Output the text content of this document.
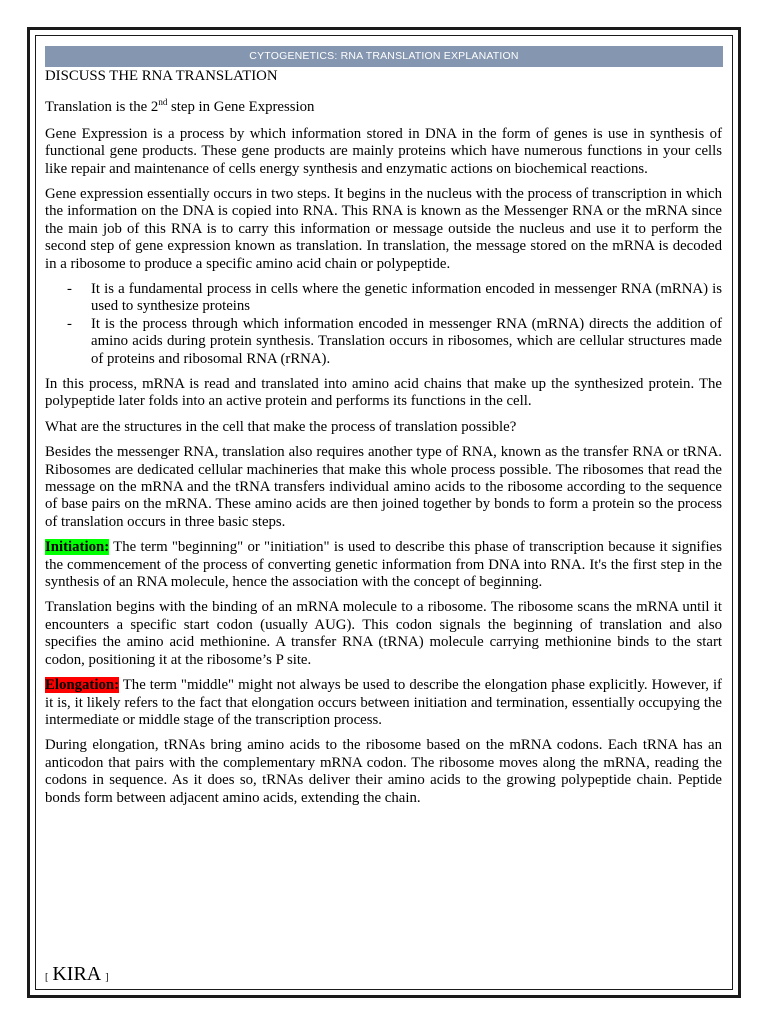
CYTOGENETICS: RNA TRANSLATION EXPLANATION

DISCUSS THE RNA TRANSLATION

Translation is the 2nd step in Gene Expression

Gene Expression is a process by which information stored in DNA in the form of genes is use in synthesis of functional gene products. These gene products are mainly proteins which have numerous functions in your cells like repair and maintenance of cells energy synthesis and enzymatic actions on biochemical reactions.

Gene expression essentially occurs in two steps. It begins in the nucleus with the process of transcription in which the information on the DNA is copied into RNA. This RNA is known as the Messenger RNA or the mRNA since the main job of this RNA is to carry this information or message outside the nucleus and use it to perform the second step of gene expression known as translation. In translation, the message stored on the mRNA is decoded in a ribosome to produce a specific amino acid chain or polypeptide.

- It is a fundamental process in cells where the genetic information encoded in messenger RNA (mRNA) is used to synthesize proteins
- It is the process through which information encoded in messenger RNA (mRNA) directs the addition of amino acids during protein synthesis. Translation occurs in ribosomes, which are cellular structures made of proteins and ribosomal RNA (rRNA).

In this process, mRNA is read and translated into amino acid chains that make up the synthesized protein. The polypeptide later folds into an active protein and performs its functions in the cell.

What are the structures in the cell that make the process of translation possible?

Besides the messenger RNA, translation also requires another type of RNA, known as the transfer RNA or tRNA. Ribosomes are dedicated cellular machineries that make this whole process possible. The ribosomes that read the message on the mRNA and the tRNA transfers individual amino acids to the ribosome according to the sequence of base pairs on the mRNA. These amino acids are then joined together by bonds to form a protein so the process of translation occurs in three basic steps.

Initiation: The term "beginning" or "initiation" is used to describe this phase of transcription because it signifies the commencement of the process of converting genetic information from DNA into RNA. It's the first step in the synthesis of an RNA molecule, hence the association with the concept of beginning.

Translation begins with the binding of an mRNA molecule to a ribosome. The ribosome scans the mRNA until it encounters a specific start codon (usually AUG). This codon signals the beginning of translation and also specifies the amino acid methionine. A transfer RNA (tRNA) molecule carrying methionine binds to the start codon, positioning it at the ribosome’s P site.

Elongation: The term "middle" might not always be used to describe the elongation phase explicitly. However, if it is, it likely refers to the fact that elongation occurs between initiation and termination, essentially occupying the intermediate or middle stage of the transcription process.

During elongation, tRNAs bring amino acids to the ribosome based on the mRNA codons. Each tRNA has an anticodon that pairs with the complementary mRNA codon. The ribosome moves along the mRNA, reading the codons in sequence. As it does so, tRNAs deliver their amino acids to the growing polypeptide chain. Peptide bonds form between adjacent amino acids, extending the chain.

[ KIRA ]
